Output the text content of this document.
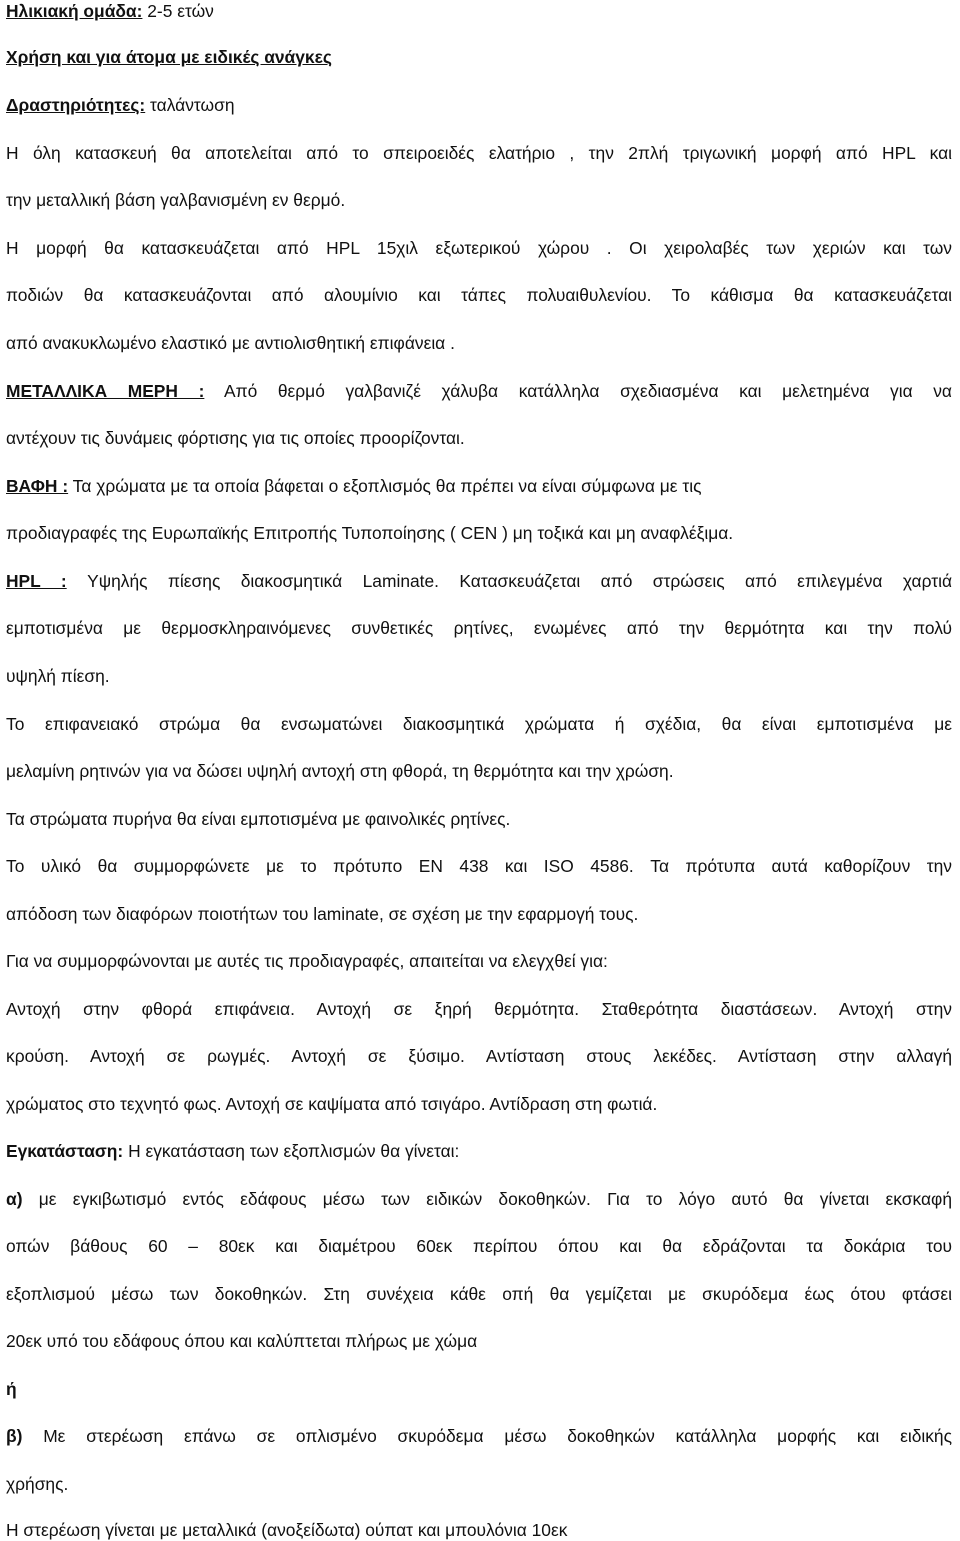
Ηλικιακή ομάδα: 2-5 ετών
Χρήση και για άτομα με ειδικές ανάγκες
Δραστηριότητες: ταλάντωση
Η όλη κατασκευή θα αποτελείται από το σπειροειδές ελατήριο , την 2πλή τριγωνική μορφή από HPL και
την μεταλλική βάση γαλβανισμένη εν θερμό.
Η μορφή θα κατασκευάζεται από HPL 15χιλ εξωτερικού χώρου . Οι χειρολαβές των χεριών και των
ποδιών θα κατασκευάζονται από αλουμίνιο και τάπες πολυαιθυλενίου. Το κάθισμα θα κατασκευάζεται
από ανακυκλωμένο ελαστικό με αντιολισθητική επιφάνεια .
ΜΕΤΑΛΛΙΚΑ ΜΕΡΗ : Από θερμό γαλβανιζέ χάλυβα κατάλληλα σχεδιασμένα και μελετημένα για να
αντέχουν τις δυνάμεις φόρτισης για τις οποίες προορίζονται.
ΒΑΦΗ : Τα χρώματα με τα οποία βάφεται ο εξοπλισμός θα πρέπει να είναι σύμφωνα με τις
προδιαγραφές της Ευρωπαϊκής Επιτροπής Τυποποίησης ( CEN ) μη τοξικά και μη αναφλέξιμα.
HPL : Υψηλής πίεσης διακοσμητικά Laminate. Κατασκευάζεται από στρώσεις από επιλεγμένα χαρτιά
εμποτισμένα με θερμοσκληραινόμενες συνθετικές ρητίνες, ενωμένες από την θερμότητα και την πολύ
υψηλή πίεση.
Το επιφανειακό στρώμα θα ενσωματώνει διακοσμητικά χρώματα ή σχέδια, θα είναι εμποτισμένα με
μελαμίνη ρητινών για να δώσει υψηλή αντοχή στη φθορά, τη θερμότητα και την χρώση.
Τα στρώματα πυρήνα θα είναι εμποτισμένα με φαινολικές ρητίνες.
Το υλικό θα συμμορφώνετε με το πρότυπο EN 438 και ISO 4586. Τα πρότυπα αυτά καθορίζουν την
απόδοση των διαφόρων ποιοτήτων του laminate, σε σχέση με την εφαρμογή τους.
Για να συμμορφώνονται με αυτές τις προδιαγραφές, απαιτείται να ελεγχθεί για:
Αντοχή στην φθορά επιφάνεια. Αντοχή σε ξηρή θερμότητα. Σταθερότητα διαστάσεων. Αντοχή στην
κρούση. Αντοχή σε ρωγμές. Αντοχή σε ξύσιμο. Αντίσταση στους λεκέδες. Αντίσταση στην αλλαγή
χρώματος στο τεχνητό φως. Αντοχή σε καψίματα από τσιγάρο. Αντίδραση στη φωτιά.
Εγκατάσταση: Η εγκατάσταση των εξοπλισμών θα γίνεται:
α) με εγκιβωτισμό εντός εδάφους μέσω των ειδικών δοκοθηκών. Για το λόγο αυτό θα γίνεται εκσκαφή
οπών βάθους 60 – 80εκ και διαμέτρου 60εκ περίπου όπου και θα εδράζονται τα δοκάρια του
εξοπλισμού μέσω των δοκοθηκών. Στη συνέχεια κάθε οπή θα γεμίζεται με σκυρόδεμα έως ότου φτάσει
20εκ υπό του εδάφους όπου και καλύπτεται πλήρως με χώμα
ή
β) Με στερέωση επάνω σε οπλισμένο σκυρόδεμα μέσω δοκοθηκών κατάλληλα μορφής και ειδικής
χρήσης.
Η στερέωση γίνεται με μεταλλικά (ανοξείδωτα) ούπατ και μπουλόνια 10εκ
